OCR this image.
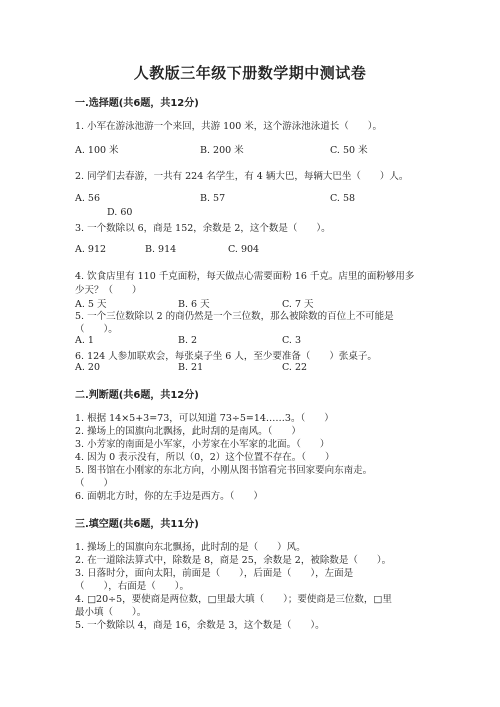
人教版三年级下册数学期中测试卷
一.选择题(共6题，共12分)
1. 小军在游泳池游一个来回，共游 100 米，这个游泳池泳道长（　　）。
A. 100 米	B. 200 米	C. 50 米
2. 同学们去春游，一共有 224 名学生，有 4 辆大巴，每辆大巴坐（　　）人。
A. 56	B. 57	C. 58
D. 60
3. 一个数除以 6，商是 152，余数是 2，这个数是（　　）。
A. 912	B. 914	C. 904
4. 饮食店里有 110 千克面粉，每天做点心需要面粉 16 千克。店里的面粉够用多
少天？（　　）
A. 5 天	B. 6 天	C. 7 天
5. 一个三位数除以 2 的商仍然是一个三位数，那么被除数的百位上不可能是
（　　）。
A. 1	B. 2	C. 3
6. 124 人参加联欢会，每张桌子坐 6 人，至少要准备（　　）张桌子。
A. 20	B. 21	C. 22
二.判断题(共6题，共12分)
1. 根据 14×5+3=73，可以知道 73÷5=14……3。（　　）
2. 操场上的国旗向北飘扬，此时刮的是南风。（　　）
3. 小芳家的南面是小军家，小芳家在小军家的北面。（　　）
4. 因为 0 表示没有，所以（0，2）这个位置不存在。（　　）
5. 图书馆在小刚家的东北方向，小刚从图书馆看完书回家要向东南走。
（　　）
6. 面朝北方时，你的左手边是西方。（　　）
三.填空题(共6题，共11分)
1. 操场上的国旗向东北飘扬，此时刮的是（　　）风。
2. 在一道除法算式中，除数是 8，商是 25，余数是 2，被除数是（　　）。
3. 日落时分，面向太阳，前面是（　　），后面是（　　），左面是
（　　），右面是（　　）。
4. □20÷5，要使商是两位数，□里最大填（　　）；要使商是三位数，□里
最小填（　　）。
5. 一个数除以 4，商是 16，余数是 3，这个数是（　　）。
